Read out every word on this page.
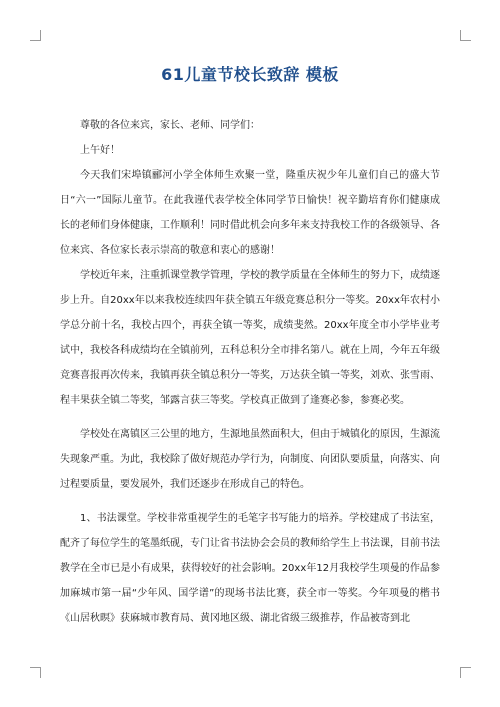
61儿童节校长致辞 模板

尊敬的各位来宾，家长、老师、同学们：

上午好！

今天我们宋埠镇郦河小学全体师生欢聚一堂，隆重庆祝少年儿童们自己的盛大节日“六一”国际儿童节。在此我谨代表学校全体同学节日愉快！祝辛勤培育你们健康成长的老师们身体健康，工作顺利！同时借此机会向多年来支持我校工作的各级领导、各位来宾、各位家长表示崇高的敬意和衷心的感谢！

学校近年来，注重抓课堂教学管理，学校的教学质量在全体师生的努力下，成绩逐步上升。自20xx年以来我校连续四年获全镇五年级竞赛总积分一等奖。20xx年农村小学总分前十名，我校占四个，再获全镇一等奖，成绩斐然。20xx年度全市小学毕业考试中，我校各科成绩均在全镇前列，五科总积分全市排名第八。就在上周，今年五年级竞赛喜报再次传来，我镇再获全镇总积分一等奖，万达获全镇一等奖，刘欢、张雪雨、程丰果获全镇二等奖，邹露言获三等奖。学校真正做到了逢赛必参，参赛必奖。

学校处在离镇区三公里的地方，生源地虽然面积大，但由于城镇化的原因，生源流失现象严重。为此，我校除了做好规范办学行为，向制度、向团队要质量，向落实、向过程要质量，要发展外，我们还逐步在形成自己的特色。

1、书法课堂。学校非常重视学生的毛笔字书写能力的培养。学校建成了书法室，配齐了每位学生的笔墨纸砚，专门让省书法协会会员的教师给学生上书法课，目前书法教学在全市已是小有成果，获得较好的社会影响。20xx年12月我校学生项曼的作品参加麻城市第一届“少年风、国学谱”的现场书法比赛，获全市一等奖。今年项曼的楷书《山居秋暝》获麻城市教育局、黄冈地区级、湖北省级三级推荐，作品被寄到北
